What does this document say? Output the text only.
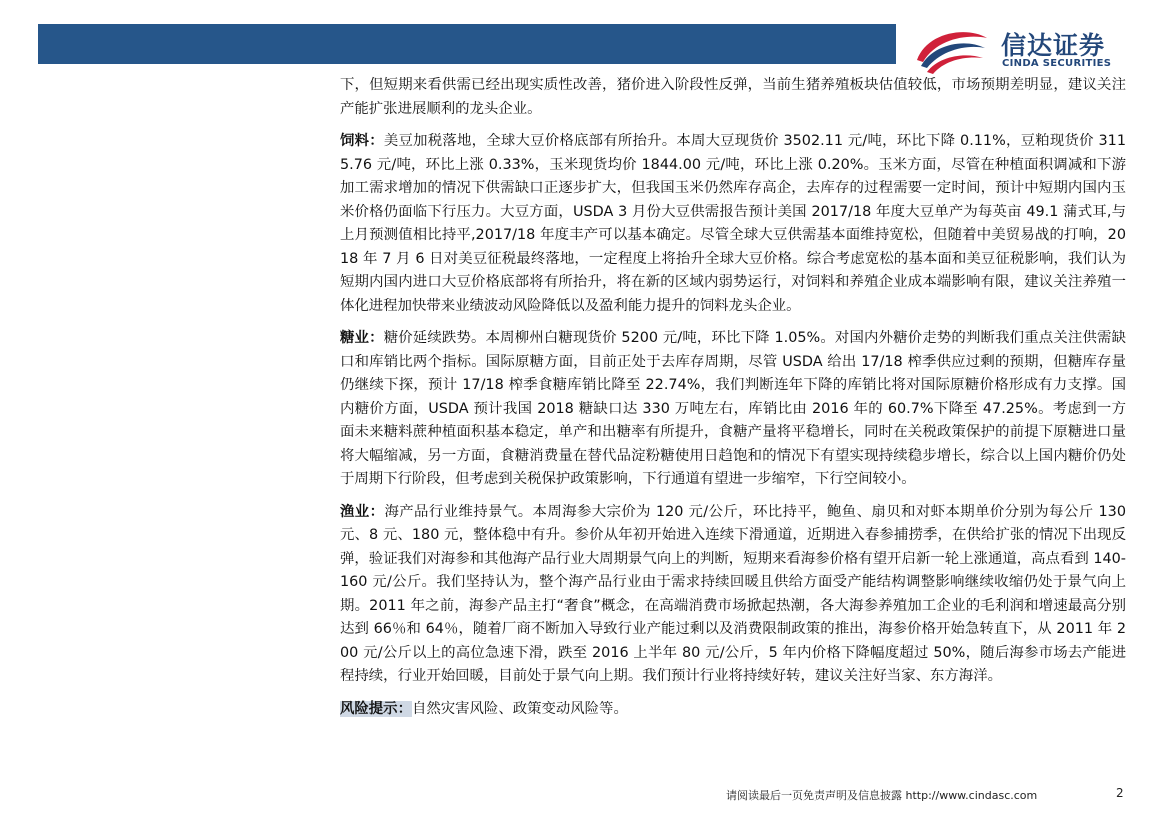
信达证券
CINDA SECURITIES

下，但短期来看供需已经出现实质性改善，猪价进入阶段性反弹，当前生猪养殖板块估值较低，市场预期差明显，建议关注产能扩张进展顺利的龙头企业。

饲料：美豆加税落地，全球大豆价格底部有所抬升。本周大豆现货价 3502.11 元/吨，环比下降 0.11%，豆粕现货价 3115.76 元/吨，环比上涨 0.33%，玉米现货均价 1844.00 元/吨，环比上涨 0.20%。玉米方面，尽管在种植面积调减和下游加工需求增加的情况下供需缺口正逐步扩大，但我国玉米仍然库存高企，去库存的过程需要一定时间，预计中短期内国内玉米价格仍面临下行压力。大豆方面，USDA 3 月份大豆供需报告预计美国 2017/18 年度大豆单产为每英亩 49.1 蒲式耳,与上月预测值相比持平,2017/18 年度丰产可以基本确定。尽管全球大豆供需基本面维持宽松，但随着中美贸易战的打响，2018 年 7 月 6 日对美豆征税最终落地，一定程度上将抬升全球大豆价格。综合考虑宽松的基本面和美豆征税影响，我们认为短期内国内进口大豆价格底部将有所抬升，将在新的区域内弱势运行，对饲料和养殖企业成本端影响有限，建议关注养殖一体化进程加快带来业绩波动风险降低以及盈利能力提升的饲料龙头企业。

糖业：糖价延续跌势。本周柳州白糖现货价 5200 元/吨，环比下降 1.05%。对国内外糖价走势的判断我们重点关注供需缺口和库销比两个指标。国际原糖方面，目前正处于去库存周期，尽管 USDA 给出 17/18 榨季供应过剩的预期，但糖库存量仍继续下探，预计 17/18 榨季食糖库销比降至 22.74%，我们判断连年下降的库销比将对国际原糖价格形成有力支撑。国内糖价方面，USDA 预计我国 2018 糖缺口达 330 万吨左右，库销比由 2016 年的 60.7%下降至 47.25%。考虑到一方面未来糖料蔗种植面积基本稳定，单产和出糖率有所提升，食糖产量将平稳增长，同时在关税政策保护的前提下原糖进口量将大幅缩减，另一方面，食糖消费量在替代品淀粉糖使用日趋饱和的情况下有望实现持续稳步增长，综合以上国内糖价仍处于周期下行阶段，但考虑到关税保护政策影响，下行通道有望进一步缩窄，下行空间较小。

渔业：海产品行业维持景气。本周海参大宗价为 120 元/公斤，环比持平，鲍鱼、扇贝和对虾本期单价分别为每公斤 130 元、8 元、180 元，整体稳中有升。参价从年初开始进入连续下滑通道，近期进入春参捕捞季，在供给扩张的情况下出现反弹，验证我们对海参和其他海产品行业大周期景气向上的判断，短期来看海参价格有望开启新一轮上涨通道，高点看到 140-160 元/公斤。我们坚持认为，整个海产品行业由于需求持续回暖且供给方面受产能结构调整影响继续收缩仍处于景气向上期。2011 年之前，海参产品主打“奢食”概念，在高端消费市场掀起热潮，各大海参养殖加工企业的毛利润和增速最高分别达到 66％和 64％，随着厂商不断加入导致行业产能过剩以及消费限制政策的推出，海参价格开始急转直下，从 2011 年 200 元/公斤以上的高位急速下滑，跌至 2016 上半年 80 元/公斤，5 年内价格下降幅度超过 50%，随后海参市场去产能进程持续，行业开始回暖，目前处于景气向上期。我们预计行业将持续好转，建议关注好当家、东方海洋。

风险提示：自然灾害风险、政策变动风险等。

请阅读最后一页免责声明及信息披露 http://www.cindasc.com	2
